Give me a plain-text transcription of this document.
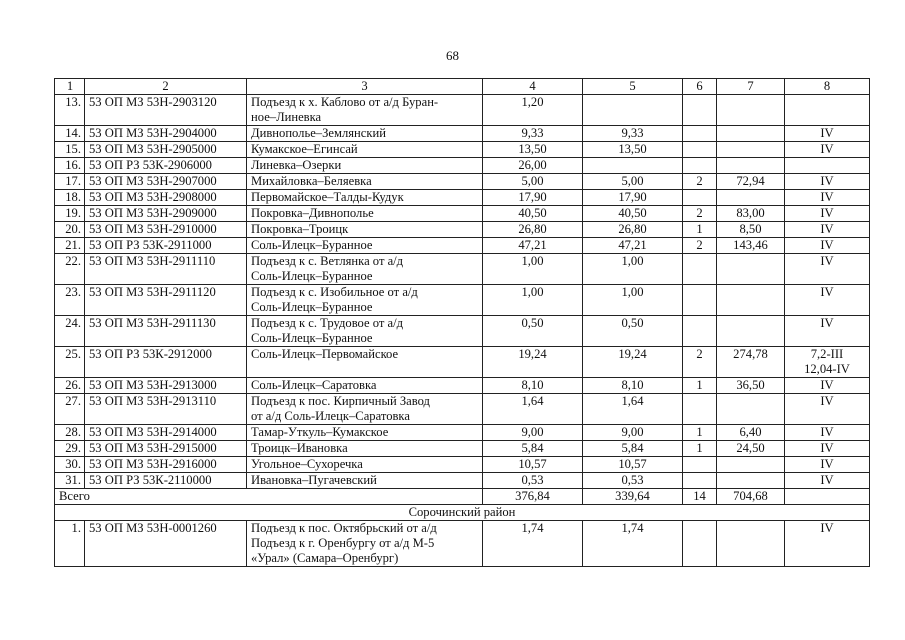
68
1	2	3	4	5	6	7	8
13.	53 ОП МЗ 53Н-2903120	Подъезд к х. Каблово от а/д Буран-
ное–Линевка	1,20				

14.	53 ОП МЗ 53Н-2904000	Дивнополье–Землянский	9,33	9,33			IV

15.	53 ОП МЗ 53Н-2905000	Кумакское–Егинсай	13,50	13,50			IV

16.	53 ОП РЗ 53К-2906000	Линевка–Озерки	26,00				

17.	53 ОП МЗ 53Н-2907000	Михайловка–Беляевка	5,00	5,00	2	72,94	IV

18.	53 ОП МЗ 53Н-2908000	Первомайское–Талды-Кудук	17,90	17,90			IV

19.	53 ОП МЗ 53Н-2909000	Покровка–Дивнополье	40,50	40,50	2	83,00	IV

20.	53 ОП МЗ 53Н-2910000	Покровка–Троицк	26,80	26,80	1	8,50	IV

21.	53 ОП РЗ 53К-2911000	Соль-Илецк–Буранное	47,21	47,21	2	143,46	IV

22.	53 ОП МЗ 53Н-2911110	Подъезд к с. Ветлянка от а/д
Соль-Илецк–Буранное	1,00	1,00			IV

23.	53 ОП МЗ 53Н-2911120	Подъезд к с. Изобильное от а/д
Соль-Илецк–Буранное	1,00	1,00			IV

24.	53 ОП МЗ 53Н-2911130	Подъезд к с. Трудовое от а/д
Соль-Илецк–Буранное	0,50	0,50			IV

25.	53 ОП РЗ 53К-2912000	Соль-Илецк–Первомайское	19,24	19,24	2	274,78	7,2-III
12,04-IV

26.	53 ОП МЗ 53Н-2913000	Соль-Илецк–Саратовка	8,10	8,10	1	36,50	IV

27.	53 ОП МЗ 53Н-2913110	Подъезд к пос. Кирпичный Завод
от а/д Соль-Илецк–Саратовка	1,64	1,64			IV

28.	53 ОП МЗ 53Н-2914000	Тамар-Уткуль–Кумакское	9,00	9,00	1	6,40	IV

29.	53 ОП МЗ 53Н-2915000	Троицк–Ивановка	5,84	5,84	1	24,50	IV

30.	53 ОП МЗ 53Н-2916000	Угольное–Сухоречка	10,57	10,57			IV

31.	53 ОП РЗ 53К-2110000	Ивановка–Пугачевский	0,53	0,53			IV

Всего			376,84	339,64	14	704,68	
Сорочинский район							
1.	53 ОП МЗ 53Н-0001260	Подъезд к пос. Октябрьский от а/д
Подъезд к г. Оренбургу от а/д М-5
«Урал» (Самара–Оренбург)	1,74	1,74			IV
